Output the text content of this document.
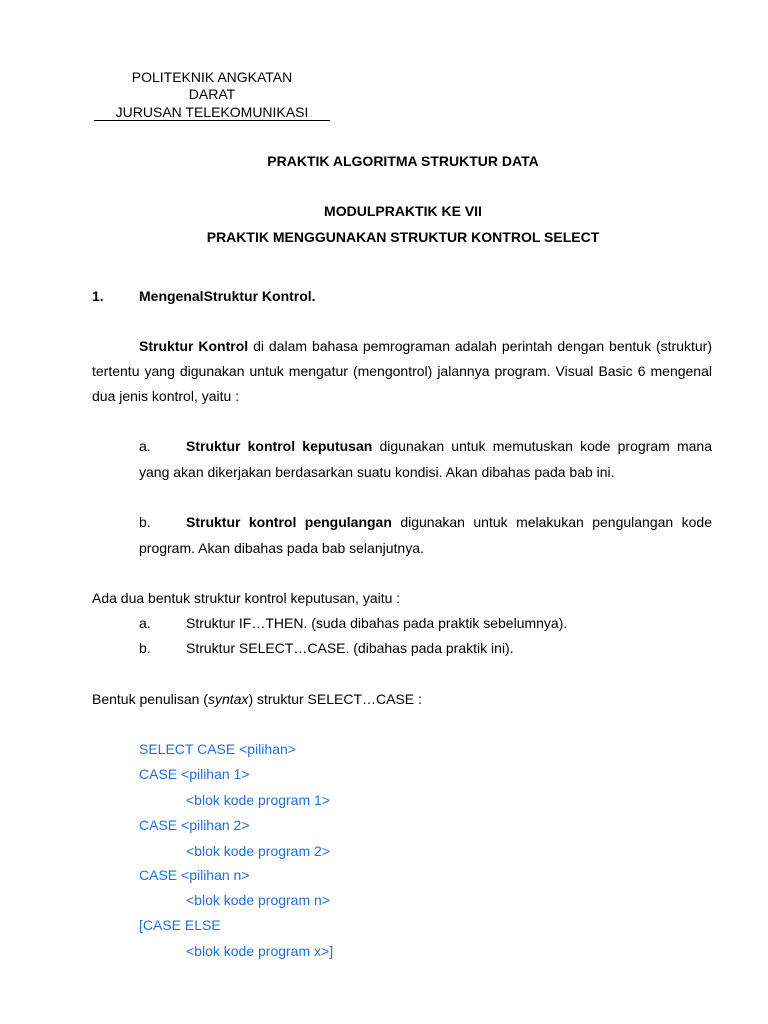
POLITEKNIK ANGKATAN
DARAT
JURUSAN TELEKOMUNIKASI
PRAKTIK ALGORITMA STRUKTUR DATA
MODULPRAKTIK KE VII
PRAKTIK MENGGUNAKAN STRUKTUR KONTROL SELECT
1.	MengenalStruktur Kontrol.
Struktur Kontrol di dalam bahasa pemrograman adalah perintah dengan bentuk (struktur) tertentu yang digunakan untuk mengatur (mengontrol) jalannya program. Visual Basic 6 mengenal dua jenis kontrol, yaitu :
Struktur kontrol keputusan digunakan untuk memutuskan kode program mana yang akan dikerjakan berdasarkan suatu kondisi. Akan dibahas pada bab ini.
a.
Struktur kontrol pengulangan digunakan untuk melakukan pengulangan kode program. Akan dibahas pada bab selanjutnya.
b.
Ada dua bentuk struktur kontrol keputusan, yaitu :
a.	Struktur IF…THEN. (suda dibahas pada praktik sebelumnya).
b.	Struktur SELECT…CASE. (dibahas pada praktik ini).
Bentuk penulisan (syntax) struktur SELECT…CASE :
SELECT CASE <pilihan>
CASE <pilihan 1>
<blok kode program 1>
CASE <pilihan 2>
<blok kode program 2>
CASE <pilihan n>
<blok kode program n>
[CASE ELSE
<blok kode program x>]
